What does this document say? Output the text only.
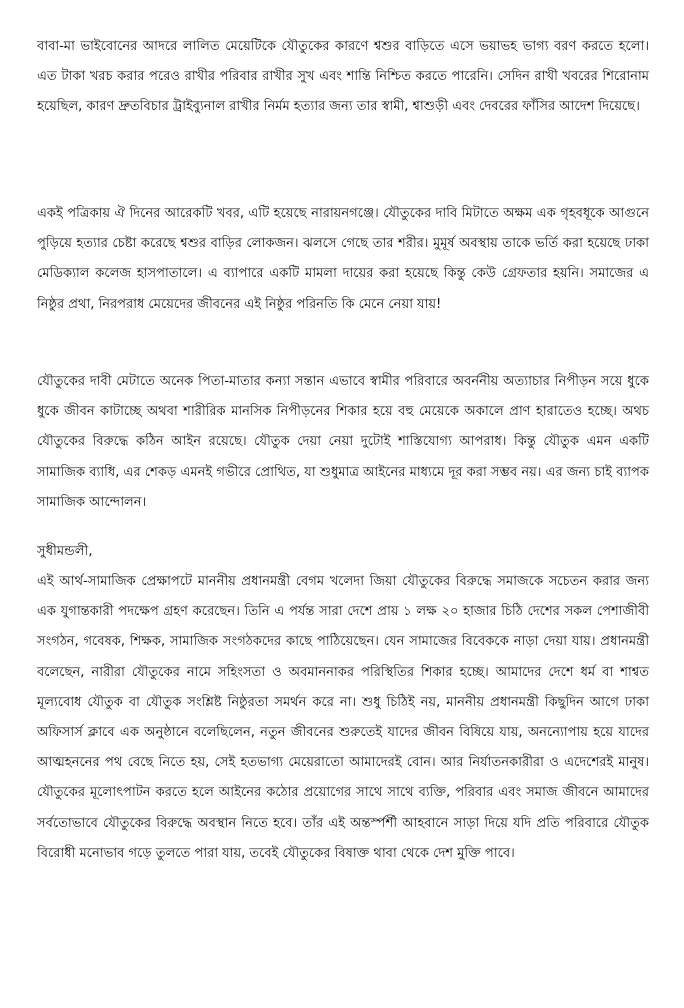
বাবা-মা ভাইবোনের আদরে লালিত মেয়েটিকে যৌতুকের কারণে শ্বশুর বাড়িতে এসে ভয়াভহ ভাগ্য বরণ করতে হলো। এত টাকা খরচ করার পরেও রাখীর পরিবার রাখীর সুখ এবং শান্তি নিশ্চিত করতে পারেনি। সেদিন রাখী খবরের শিরোনাম হয়েছিল, কারণ দ্রুতবিচার ট্রাইব্যুনাল রাখীর নির্মম হত্যার জন্য তার স্বামী, শ্বাশুড়ী এবং দেবরের ফাঁসির আদেশ দিয়েছে।

একই পত্রিকায় ঐ দিনের আরেকটি খবর, এটি হয়েছে নারায়নগঞ্জে। যৌতুকের দাবি মিটাতে অক্ষম এক গৃহবধূকে আগুনে পুড়িয়ে হত্যার চেষ্টা করেছে শ্বশুর বাড়ির লোকজন। ঝলসে গেছে তার শরীর। মুমূর্ষ অবস্থায় তাকে ভর্তি করা হয়েছে ঢাকা মেডিক্যাল কলেজ হাসপাতালে। এ ব্যাপারে একটি মামলা দায়ের করা হয়েছে কিন্তু কেউ গ্রেফতার হয়নি। সমাজের এ নিষ্ঠুর প্রথা, নিরপরাধ মেয়েদের জীবনের এই নিষ্ঠুর পরিনতি কি মেনে নেয়া যায়!

যৌতুকের দাবী মেটাতে অনেক পিতা-মাতার কন্যা সন্তান এভাবে স্বামীর পরিবারে অবর্ননীয় অত্যাচার নিপীড়ন সয়ে ধুকে ধুকে জীবন কাটাচ্ছে অথবা শারীরিক মানসিক নিপীড়নের শিকার হয়ে বহু মেয়েকে অকালে প্রাণ হারাতেও হচ্ছে। অথচ যৌতুকের বিরুদ্ধে কঠিন আইন রয়েছে। যৌতুক দেয়া নেয়া দুটোই শাস্তিযোগ্য আপরাধ। কিন্তু যৌতুক এমন একটি সামাজিক ব্যাধি, এর শেকড় এমনই গভীরে প্রোথিত, যা শুধুমাত্র আইনের মাধ্যমে দূর করা সম্ভব নয়। এর জন্য চাই ব্যাপক সামাজিক আন্দোলন।

সুধীমন্ডলী,

এই আর্থ-সামাজিক প্রেক্ষাপটে মাননীয় প্রধানমন্ত্রী বেগম খলেদা জিয়া যৌতুকের বিরুদ্ধে সমাজকে সচেতন করার জন্য এক যুগান্তকারী পদক্ষেপ গ্রহণ করেছেন। তিনি এ পর্যন্ত সারা দেশে প্রায় ১ লক্ষ ২০ হাজার চিঠি দেশের সকল পেশাজীবী সংগঠন, গবেষক, শিক্ষক, সামাজিক সংগঠকদের কাছে পাঠিয়েছেন। যেন সামাজের বিবেককে নাড়া দেয়া যায়। প্রধানমন্ত্রী বলেছেন, নারীরা যৌতুকের নামে সহিংসতা ও অবমাননাকর পরিস্থিতির শিকার হচ্ছে। আমাদের দেশে ধর্ম বা শাশ্বত মূল্যবোধ যৌতুক বা যৌতুক সংশ্লিষ্ট নিষ্ঠুরতা সমর্থন করে না। শুধু চিঠিই নয়, মাননীয় প্রধানমন্ত্রী কিছুদিন আগে ঢাকা অফিসার্স ক্লাবে এক অনুষ্ঠানে বলেছিলেন, নতুন জীবনের শুরুতেই যাদের জীবন বিষিয়ে যায়, অনন্যোপায় হয়ে যাদের আত্মহননের পথ বেছে নিতে হয়, সেই হতভাগ্য মেয়েরাতো আমাদেরই বোন। আর নির্যাতনকারীরা ও এদেশেরই মানুষ। যৌতুকের মূলোৎপাটন করতে হলে আইনের কঠোর প্রয়োগের সাথে সাথে ব্যক্তি, পরিবার এবং সমাজ জীবনে আমাদের সর্বতোভাবে যৌতুকের বিরুদ্ধে অবস্থান নিতে হবে। তাঁর এই অন্তর্স্পর্শী আহবানে সাড়া দিয়ে যদি প্রতি পরিবারে যৌতুক বিরোধী মনোভাব গড়ে তুলতে পারা যায়, তবেই যৌতুকের বিষাক্ত থাবা থেকে দেশ মুক্তি পাবে।
